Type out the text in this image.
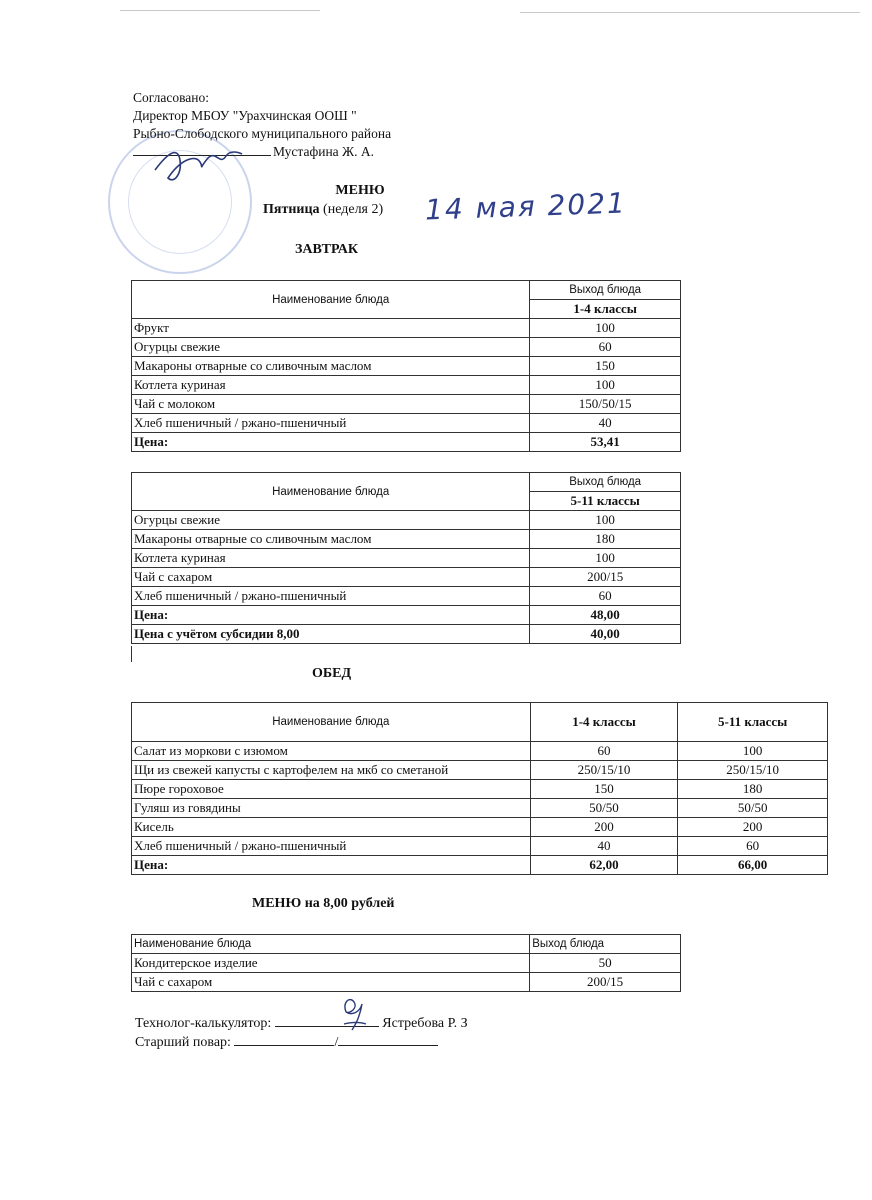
Согласовано:
Директор МБОУ "Урахчинская ООШ "
Рыбно-Слободского муниципального района
Мустафина Ж. А.
МЕНЮ
Пятница (неделя 2) 14 мая 2021
ЗАВТРАК
Наименование блюда	Выход блюда
	1-4 классы
Фрукт	100
Огурцы свежие	60
Макароны отварные со сливочным маслом	150
Котлета куриная	100
Чай с молоком	150/50/15
Хлеб пшеничный / ржано-пшеничный	40
Цена:	53,41
Наименование блюда	Выход блюда
	5-11 классы
Огурцы свежие	100
Макароны отварные со сливочным маслом	180
Котлета куриная	100
Чай с сахаром	200/15
Хлеб пшеничный / ржано-пшеничный	60
Цена:	48,00
Цена с учётом субсидии 8,00	40,00
ОБЕД
Наименование блюда	1-4 классы	5-11 классы
Салат из моркови с изюмом	60	100
Щи из свежей капусты с картофелем на мкб со сметаной	250/15/10	250/15/10
Пюре гороховое	150	180
Гуляш из говядины	50/50	50/50
Кисель	200	200
Хлеб пшеничный / ржано-пшеничный	40	60
Цена:	62,00	66,00
МЕНЮ на 8,00 рублей
Наименование блюда	Выход блюда
Кондитерское изделие	50
Чай с сахаром	200/15
Технолог-калькулятор:	Ястребова Р. З
Старший повар:	/
